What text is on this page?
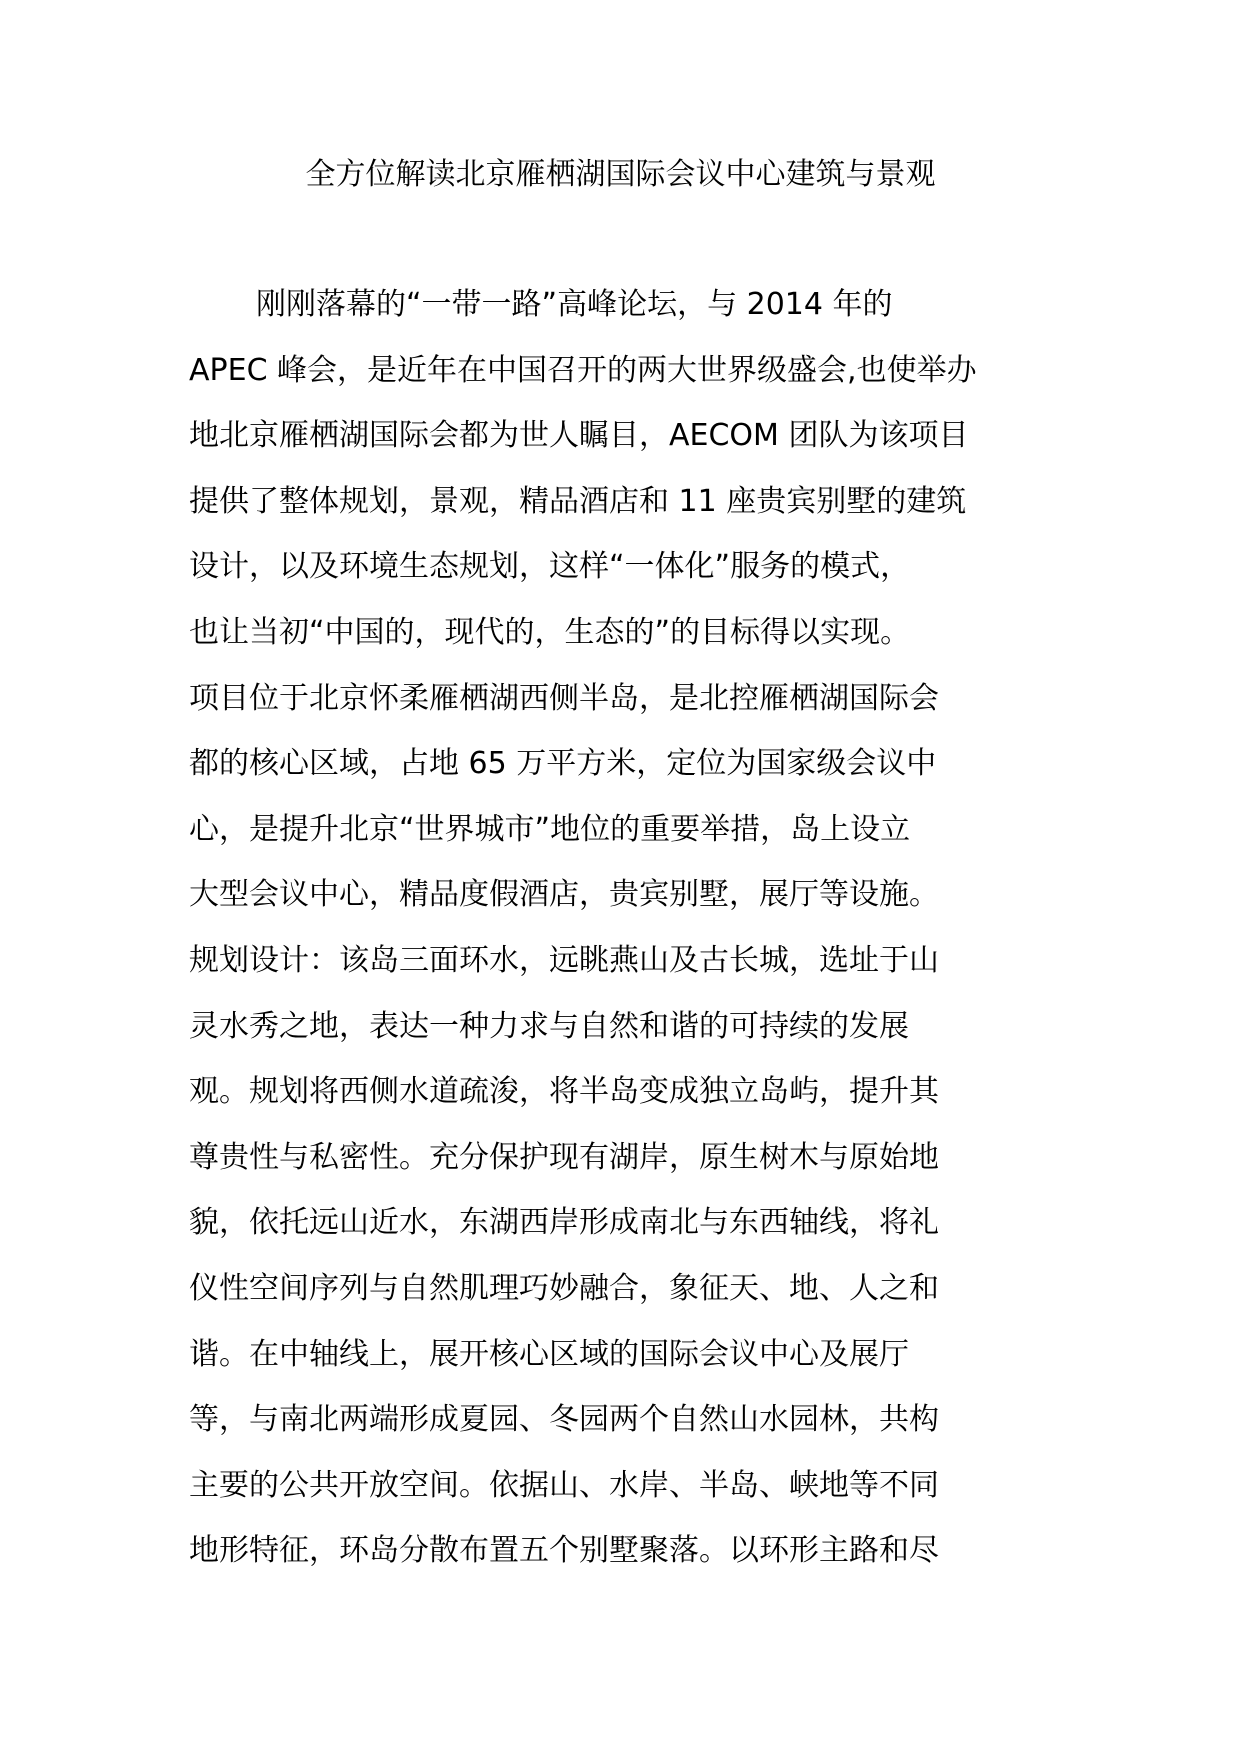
全方位解读北京雁栖湖国际会议中心建筑与景观
刚刚落幕的“一带一路”高峰论坛，与 2014 年的
APEC 峰会，是近年在中国召开的两大世界级盛会,也使举办
地北京雁栖湖国际会都为世人瞩目，AECOM 团队为该项目
提供了整体规划，景观，精品酒店和 11 座贵宾别墅的建筑
设计，以及环境生态规划，这样“一体化”服务的模式，
也让当初“中国的，现代的，生态的”的目标得以实现。
项目位于北京怀柔雁栖湖西侧半岛，是北控雁栖湖国际会
都的核心区域，占地 65 万平方米，定位为国家级会议中
心，是提升北京“世界城市”地位的重要举措，岛上设立
大型会议中心，精品度假酒店，贵宾别墅，展厅等设施。
规划设计：该岛三面环水，远眺燕山及古长城，选址于山
灵水秀之地，表达一种力求与自然和谐的可持续的发展
观。规划将西侧水道疏浚，将半岛变成独立岛屿，提升其
尊贵性与私密性。充分保护现有湖岸，原生树木与原始地
貌，依托远山近水，东湖西岸形成南北与东西轴线，将礼
仪性空间序列与自然肌理巧妙融合，象征天、地、人之和
谐。在中轴线上，展开核心区域的国际会议中心及展厅
等，与南北两端形成夏园、冬园两个自然山水园林，共构
主要的公共开放空间。依据山、水岸、半岛、峡地等不同
地形特征，环岛分散布置五个别墅聚落。以环形主路和尽
